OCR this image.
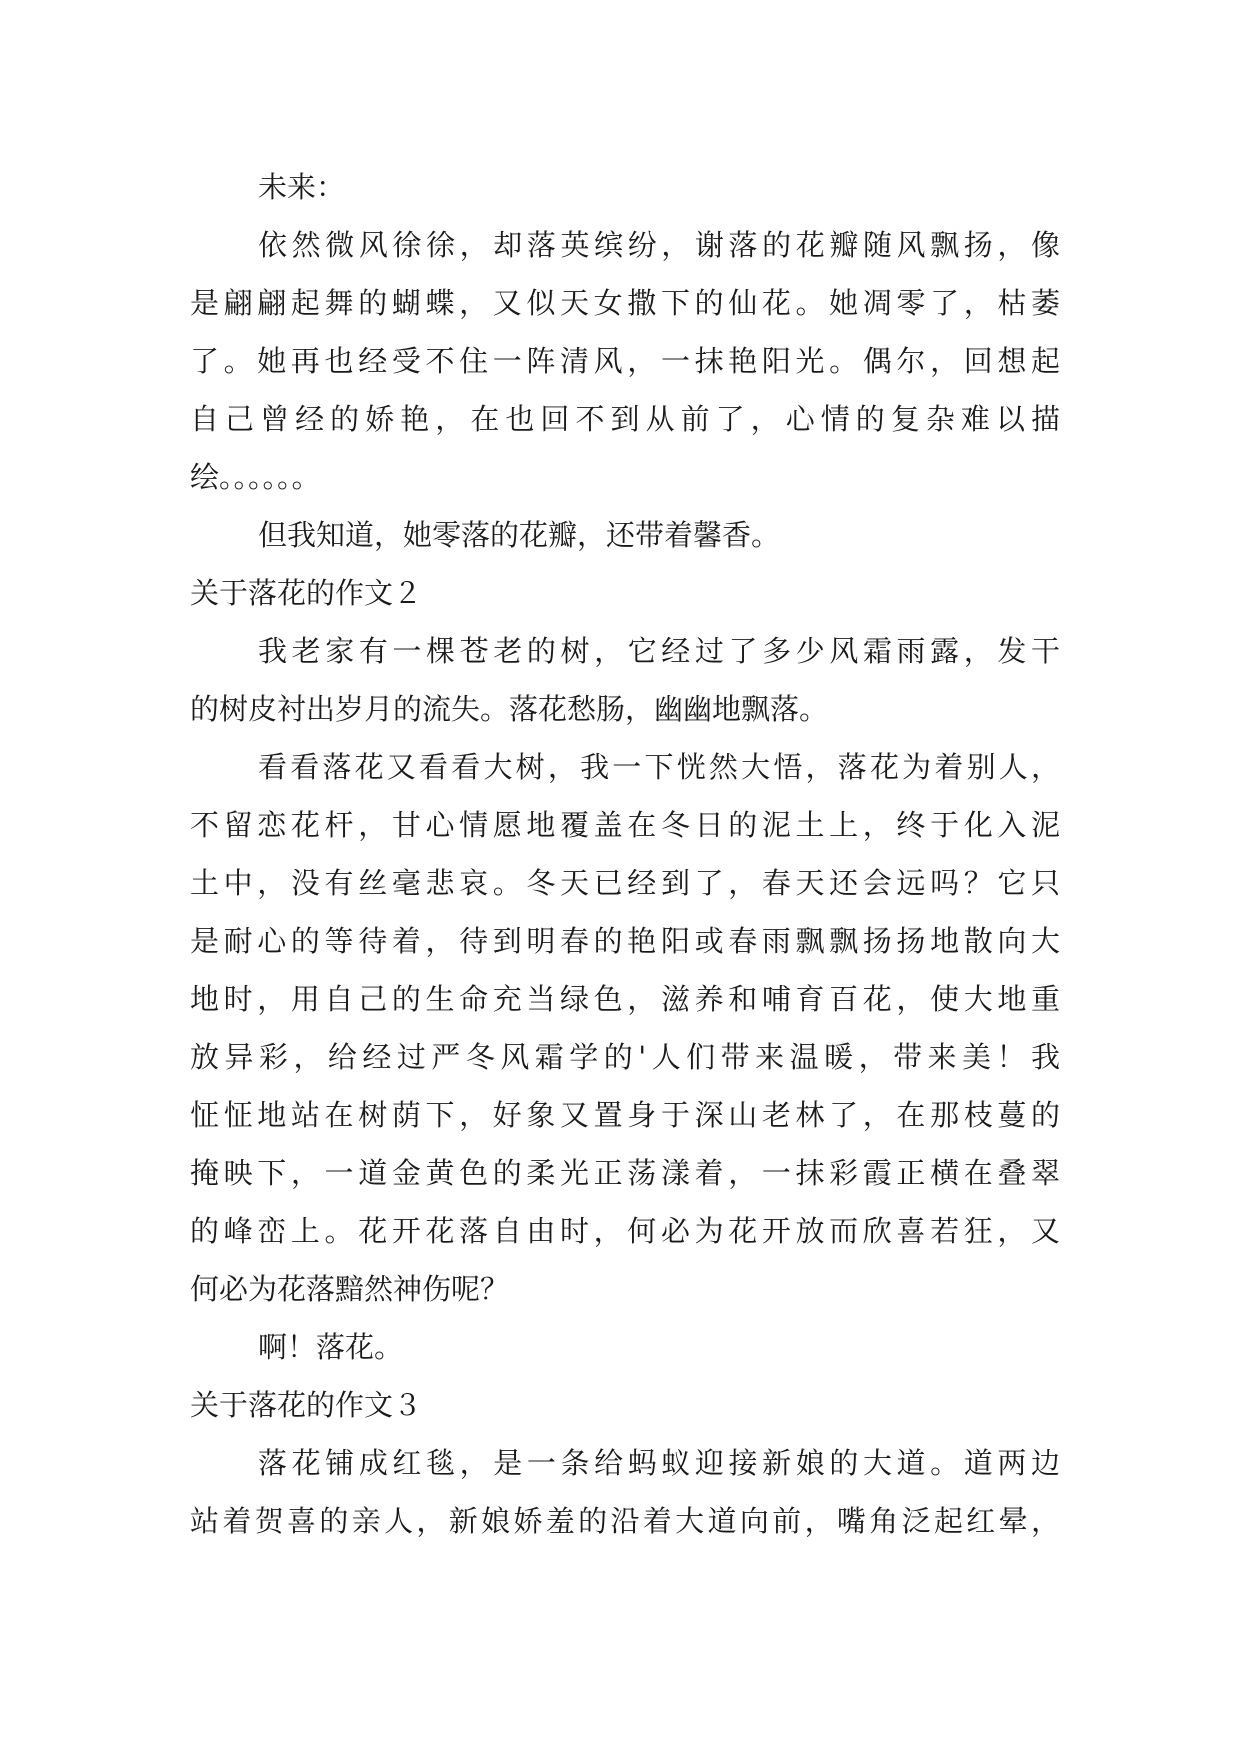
未来：
依然微风徐徐，却落英缤纷，谢落的花瓣随风飘扬，像
是翩翩起舞的蝴蝶，又似天女撒下的仙花。她凋零了，枯萎
了。她再也经受不住一阵清风，一抹艳阳光。偶尔，回想起
自己曾经的娇艳，在也回不到从前了，心情的复杂难以描
绘。。。。。。
但我知道，她零落的花瓣，还带着馨香。
关于落花的作文２
我老家有一棵苍老的树，它经过了多少风霜雨露，发干
的树皮衬出岁月的流失。落花愁肠，幽幽地飘落。
看看落花又看看大树，我一下恍然大悟，落花为着别人，
不留恋花杆，甘心情愿地覆盖在冬日的泥土上，终于化入泥
土中，没有丝毫悲哀。冬天已经到了，春天还会远吗？它只
是耐心的等待着，待到明春的艳阳或春雨飘飘扬扬地散向大
地时，用自己的生命充当绿色，滋养和哺育百花，使大地重
放异彩，给经过严冬风霜学的'人们带来温暖，带来美！我
怔怔地站在树荫下，好象又置身于深山老林了，在那枝蔓的
掩映下，一道金黄色的柔光正荡漾着，一抹彩霞正横在叠翠
的峰峦上。花开花落自由时，何必为花开放而欣喜若狂，又
何必为花落黯然神伤呢？
啊！落花。
关于落花的作文３
落花铺成红毯，是一条给蚂蚁迎接新娘的大道。道两边
站着贺喜的亲人，新娘娇羞的沿着大道向前，嘴角泛起红晕，
